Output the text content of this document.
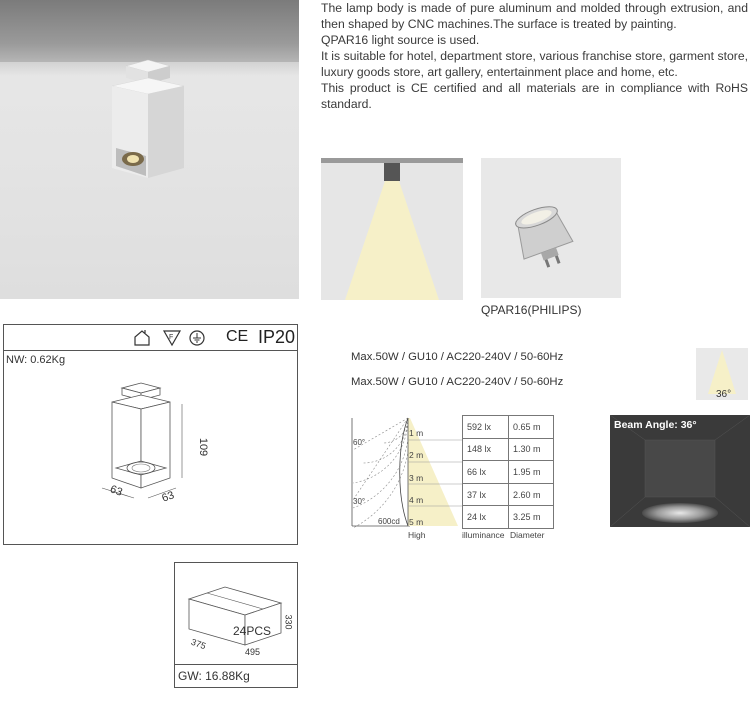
The lamp body is made of pure aluminum and molded through extrusion, and then shaped by CNC machines.The surface is treated by painting.

QPAR16 light source is used.

It is suitable for hotel, department store, various franchise store, garment store, luxury goods store, art gallery, entertainment place and home, etc.

This product is CE certified and all materials are in compliance with RoHS standard.

QPAR16(PHILIPS)
F	CE IP20
109
63	63
NW: 0.62Kg	Max.50W / GU10 / AC220-240V / 50-60Hz
Max.50W / GU10 / AC220-240V / 50-60Hz
36°
60°
30°
600cd
1 m
2 m
3 m
4 m
5 m
592 lx	0.65 m
148 lx	1.30 m
66 lx	1.95 m
37 lx	2.60 m
24 lx	3.25 m
High	illuminance Diameter
Beam Angle: 36°
24PCS
330
375
495
GW: 16.88Kg
